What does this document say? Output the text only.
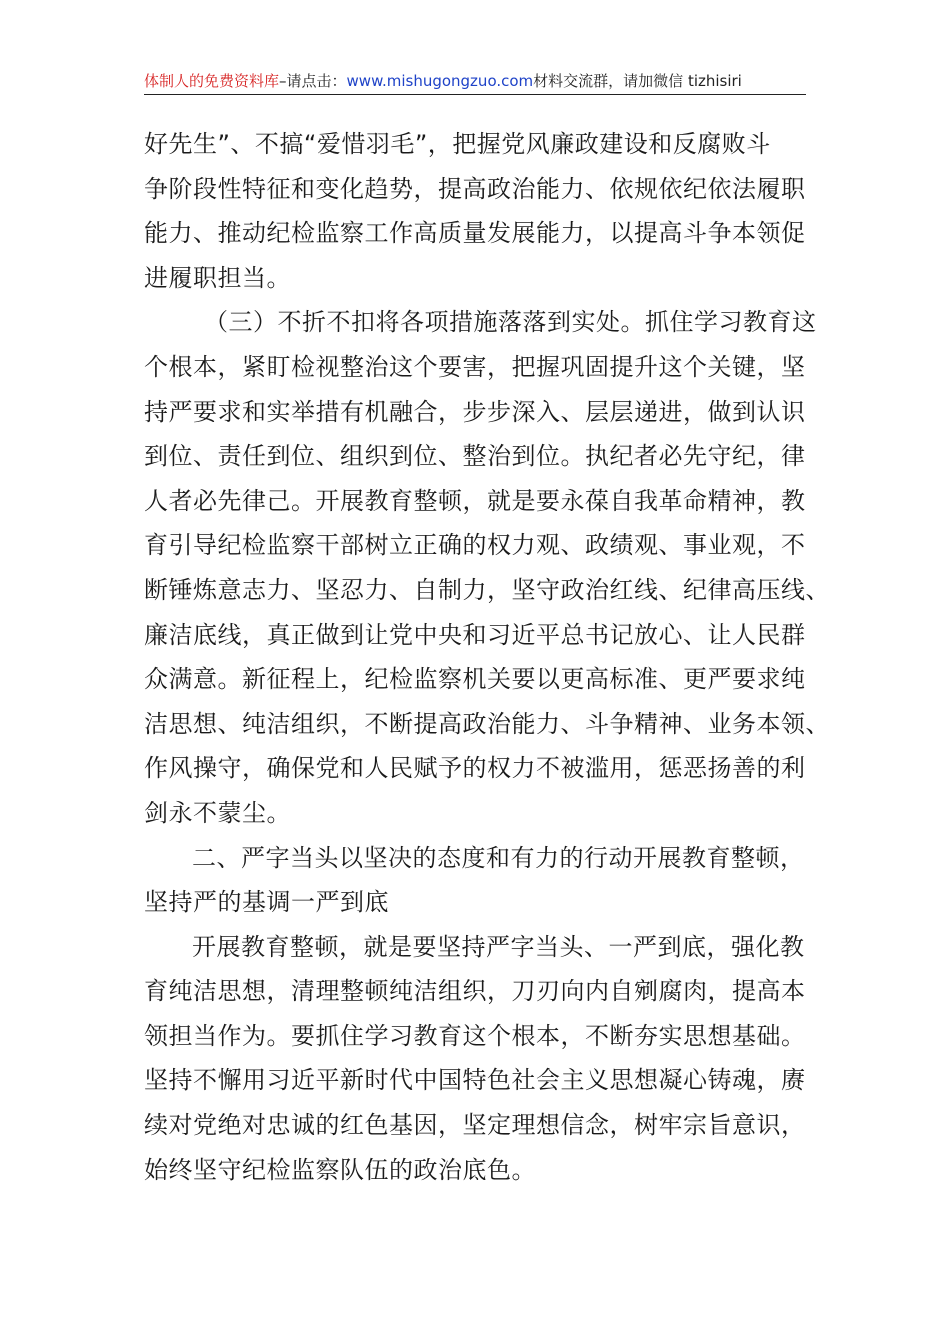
体制人的免费资料库–请点击：www.mishugongzuo.com材料交流群，请加微信 tizhisiri
好先生”、不搞“爱惜羽毛”，把握党风廉政建设和反腐败斗
争阶段性特征和变化趋势，提高政治能力、依规依纪依法履职
能力、推动纪检监察工作高质量发展能力，以提高斗争本领促
进履职担当。
（三）不折不扣将各项措施落落到实处。抓住学习教育这
个根本，紧盯检视整治这个要害，把握巩固提升这个关键，坚
持严要求和实举措有机融合，步步深入、层层递进，做到认识
到位、责任到位、组织到位、整治到位。执纪者必先守纪，律
人者必先律己。开展教育整顿，就是要永葆自我革命精神，教
育引导纪检监察干部树立正确的权力观、政绩观、事业观，不
断锤炼意志力、坚忍力、自制力，坚守政治红线、纪律高压线、
廉洁底线，真正做到让党中央和习近平总书记放心、让人民群
众满意。新征程上，纪检监察机关要以更高标准、更严要求纯
洁思想、纯洁组织，不断提高政治能力、斗争精神、业务本领、
作风操守，确保党和人民赋予的权力不被滥用，惩恶扬善的利
剑永不蒙尘。
二、严字当头以坚决的态度和有力的行动开展教育整顿，
坚持严的基调一严到底
开展教育整顿，就是要坚持严字当头、一严到底，强化教
育纯洁思想，清理整顿纯洁组织，刀刃向内自剜腐肉，提高本
领担当作为。要抓住学习教育这个根本，不断夯实思想基础。
坚持不懈用习近平新时代中国特色社会主义思想凝心铸魂，赓
续对党绝对忠诚的红色基因，坚定理想信念，树牢宗旨意识，
始终坚守纪检监察队伍的政治底色。
